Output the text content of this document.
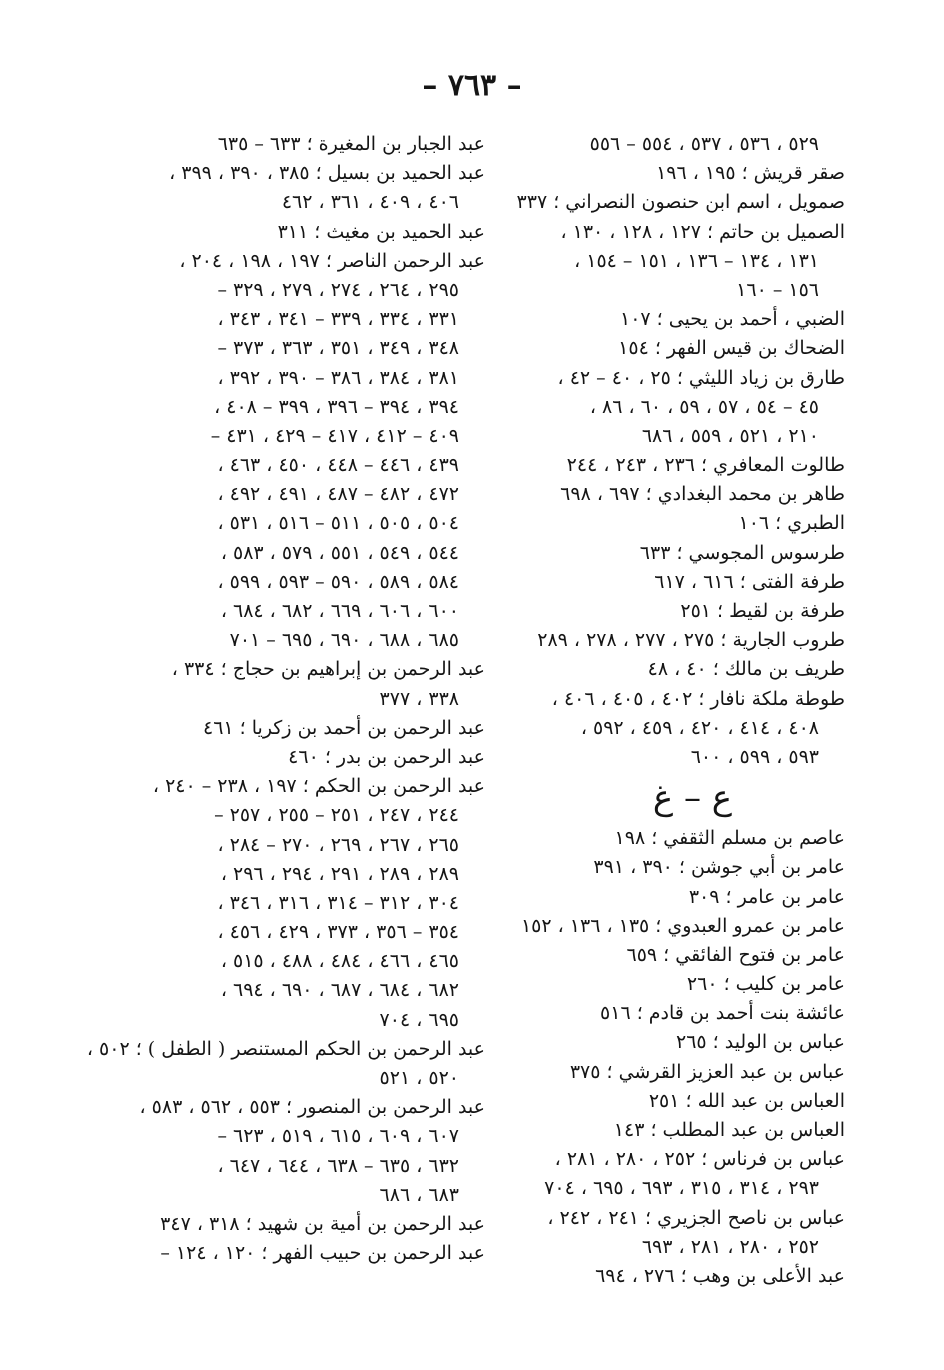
– ٧٦٣ –
٥٢٩ ، ٥٣٦ ، ٥٣٧ ، ٥٥٤ – ٥٥٦
صقر قريش ؛ ١٩٥ ، ١٩٦
صمويل ، اسم ابن حنصون النصراني ؛ ٣٣٧
الصميل بن حاتم ؛ ١٢٧ ، ١٢٨ ، ١٣٠ ،
١٣١ ، ١٣٤ – ١٣٦ ، ١٥١ – ١٥٤ ،
١٥٦ – ١٦٠
الضبي ، أحمد بن يحيى ؛ ١٠٧
الضحاك بن قيس الفهر ؛ ١٥٤
طارق بن زياد الليثي ؛ ٢٥ ، ٤٠ – ٤٢ ،
٤٥ – ٥٤ ، ٥٧ ، ٥٩ ، ٦٠ ، ٨٦ ،
٢١٠ ، ٥٢١ ، ٥٥٩ ، ٦٨٦
طالوت المعافري ؛ ٢٣٦ ، ٢٤٣ ، ٢٤٤
طاهر بن محمد البغدادي ؛ ٦٩٧ ، ٦٩٨
الطبري ؛ ١٠٦
طرسوس المجوسي ؛ ٦٣٣
طرفة الفتى ؛ ٦١٦ ، ٦١٧
طرفة بن لقيط ؛ ٢٥١
طروب الجارية ؛ ٢٧٥ ، ٢٧٧ ، ٢٧٨ ، ٢٨٩
طريف بن مالك ؛ ٤٠ ، ٤٨
طوطة ملكة نافار ؛ ٤٠٢ ، ٤٠٥ ، ٤٠٦ ،
٤٠٨ ، ٤١٤ ، ٤٢٠ ، ٤٥٩ ، ٥٩٢ ،
٥٩٣ ، ٥٩٩ ، ٦٠٠
ع – غ
عاصم بن مسلم الثقفي ؛ ١٩٨
عامر بن أبي جوشن ؛ ٣٩٠ ، ٣٩١
عامر بن عامر ؛ ٣٠٩
عامر بن عمرو العبدوي ؛ ١٣٥ ، ١٣٦ ، ١٥٢
عامر بن فتوح الفائقي ؛ ٦٥٩
عامر بن كليب ؛ ٢٦٠
عائشة بنت أحمد بن قادم ؛ ٥١٦
عباس بن الوليد ؛ ٢٦٥
عباس بن عبد العزيز القرشي ؛ ٣٧٥
العباس بن عبد الله ؛ ٢٥١
العباس بن عبد المطلب ؛ ١٤٣
عباس بن فرناس ؛ ٢٥٢ ، ٢٨٠ ، ٢٨١ ،
٢٩٣ ، ٣١٤ ، ٣١٥ ، ٦٩٣ ، ٦٩٥ ، ٧٠٤
عباس بن ناصح الجزيري ؛ ٢٤١ ، ٢٤٢ ،
٢٥٢ ، ٢٨٠ ، ٢٨١ ، ٦٩٣
عبد الأعلى بن وهب ؛ ٢٧٦ ، ٦٩٤
عبد الجبار بن المغيرة ؛ ٦٣٣ – ٦٣٥
عبد الحميد بن بسيل ؛ ٣٨٥ ، ٣٩٠ ، ٣٩٩ ،
٤٠٦ ، ٤٠٩ ، ٣٦١ ، ٤٦٢
عبد الحميد بن مغيث ؛ ٣١١
عبد الرحمن الناصر ؛ ١٩٧ ، ١٩٨ ، ٢٠٤ ،
٢٩٥ ، ٢٦٤ ، ٢٧٤ ، ٢٧٩ ، ٣٢٩ –
٣٣١ ، ٣٣٤ ، ٣٣٩ – ٣٤١ ، ٣٤٣ ،
٣٤٨ ، ٣٤٩ ، ٣٥١ ، ٣٦٣ ، ٣٧٣ –
٣٨١ ، ٣٨٤ ، ٣٨٦ – ٣٩٠ ، ٣٩٢ ،
٣٩٤ ، ٣٩٤ – ٣٩٦ ، ٣٩٩ – ٤٠٨ ،
٤٠٩ – ٤١٢ ، ٤١٧ – ٤٢٩ ، ٤٣١ –
٤٣٩ ، ٤٤٦ – ٤٤٨ ، ٤٥٠ ، ٤٦٣ ،
٤٧٢ ، ٤٨٢ – ٤٨٧ ، ٤٩١ ، ٤٩٢ ،
٥٠٤ ، ٥٠٥ ، ٥١١ – ٥١٦ ، ٥٣١ ،
٥٤٤ ، ٥٤٩ ، ٥٥١ ، ٥٧٩ ، ٥٨٣ ،
٥٨٤ ، ٥٨٩ ، ٥٩٠ – ٥٩٣ ، ٥٩٩ ،
٦٠٠ ، ٦٠٦ ، ٦٦٩ ، ٦٨٢ ، ٦٨٤ ،
٦٨٥ ، ٦٨٨ ، ٦٩٠ ، ٦٩٥ – ٧٠١
عبد الرحمن بن إبراهيم بن حجاج ؛ ٣٣٤ ،
٣٣٨ ، ٣٧٧
عبد الرحمن بن أحمد بن زكريا ؛ ٤٦١
عبد الرحمن بن بدر ؛ ٤٦٠
عبد الرحمن بن الحكم ؛ ١٩٧ ، ٢٣٨ – ٢٤٠ ،
٢٤٤ ، ٢٤٧ ، ٢٥١ – ٢٥٥ ، ٢٥٧ –
٢٦٥ ، ٢٦٧ ، ٢٦٩ ، ٢٧٠ – ٢٨٤ ،
٢٨٩ ، ٢٨٩ ، ٢٩١ ، ٢٩٤ ، ٢٩٦ ،
٣٠٤ ، ٣١٢ – ٣١٤ ، ٣١٦ ، ٣٤٦ ،
٣٥٤ – ٣٥٦ ، ٣٧٣ ، ٤٢٩ ، ٤٥٦ ،
٤٦٥ ، ٤٦٦ ، ٤٨٤ ، ٤٨٨ ، ٥١٥ ،
٦٨٢ ، ٦٨٤ ، ٦٨٧ ، ٦٩٠ ، ٦٩٤ ،
٦٩٥ ، ٧٠٤
عبد الرحمن بن الحكم المستنصر ( الطفل ) ؛ ٥٠٢ ،
٥٢٠ ، ٥٢١
عبد الرحمن بن المنصور ؛ ٥٥٣ ، ٥٦٢ ، ٥٨٣ ،
٦٠٧ ، ٦٠٩ ، ٦١٥ ، ٥١٩ ، ٦٢٣ –
٦٣٢ ، ٦٣٥ – ٦٣٨ ، ٦٤٤ ، ٦٤٧ ،
٦٨٣ ، ٦٨٦
عبد الرحمن بن أمية بن شهيد ؛ ٣١٨ ، ٣٤٧
عبد الرحمن بن حبيب الفهر ؛ ١٢٠ ، ١٢٤ –
